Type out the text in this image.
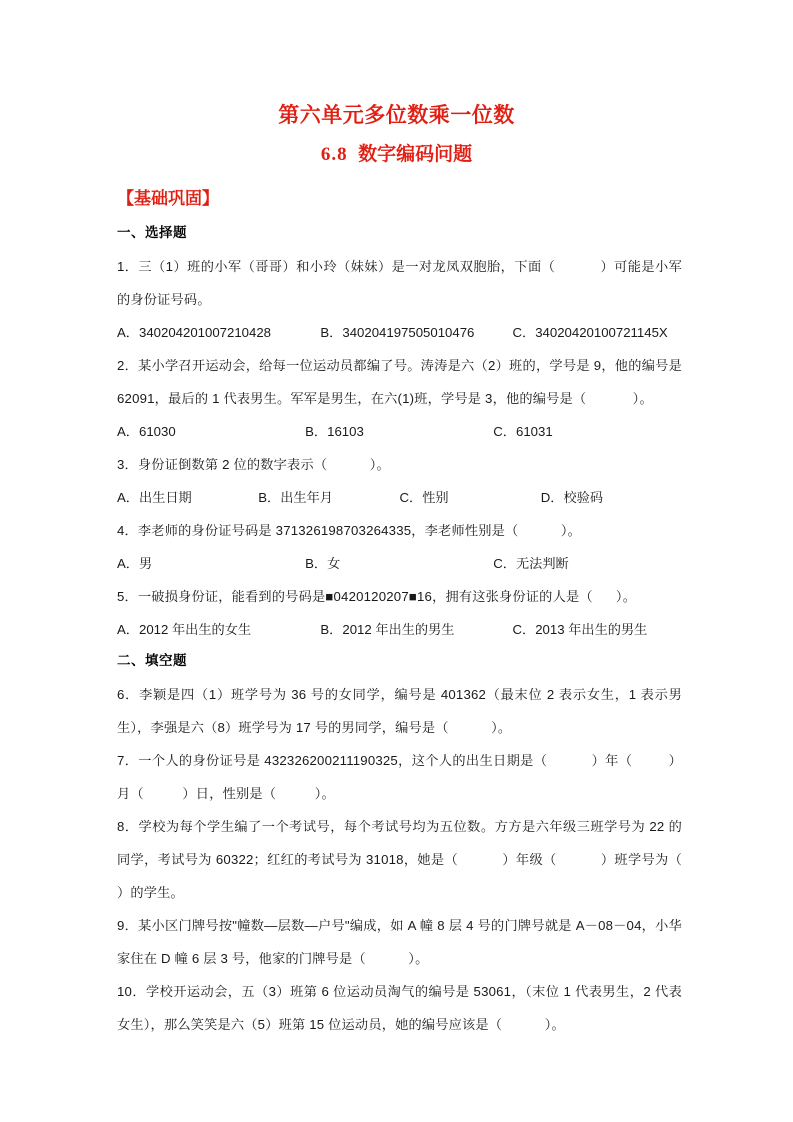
第六单元多位数乘一位数
6.8 数字编码问题
【基础巩固】
一、选择题

1．三（1）班的小军（哥哥）和小玲（妹妹）是一对龙凤双胞胎，下面（           ）可能是小军的身份证号码。

A．340204201007210428	B．340204197505010476	C．34020420100721145X

2．某小学召开运动会，给每一位运动员都编了号。涛涛是六（2）班的，学号是 9，他的编号是 62091，最后的 1 代表男生。军军是男生，在六(1)班，学号是 3，他的编号是（            ）。

A．61030	B．16103	C．61031

3．身份证倒数第 2 位的数字表示（           ）。

A．出生日期	B．出生年月	C．性别	D．校验码

4．李老师的身份证号码是 371326198703264335，李老师性别是（           ）。

A．男	B．女	C．无法判断

5．一破损身份证，能看到的号码是■0420120207■16，拥有这张身份证的人是（      ）。

A．2012 年出生的女生	B．2012 年出生的男生	C．2013 年出生的男生
二、填空题

6．李颖是四（1）班学号为 36 号的女同学，编号是 401362（最末位 2 表示女生，1 表示男生），李强是六（8）班学号为 17 号的男同学，编号是（           ）。

7．一个人的身份证号是 432326200211190325，这个人的出生日期是（           ）年（         ）月（          ）日，性别是（          ）。

8．学校为每个学生编了一个考试号，每个考试号均为五位数。方方是六年级三班学号为 22 的同学，考试号为 60322；红红的考试号为 31018，她是（           ）年级（           ）班学号为（          ）的学生。

9．某小区门牌号按"幢数—层数—户号"编成，如 A 幢 8 层 4 号的门牌号就是 A－08－04，小华家住在 D 幢 6 层 3 号，他家的门牌号是（           ）。

10．学校开运动会，五（3）班第 6 位运动员淘气的编号是 53061，（末位 1 代表男生，2 代表女生），那么笑笑是六（5）班第 15 位运动员，她的编号应该是（           ）。
